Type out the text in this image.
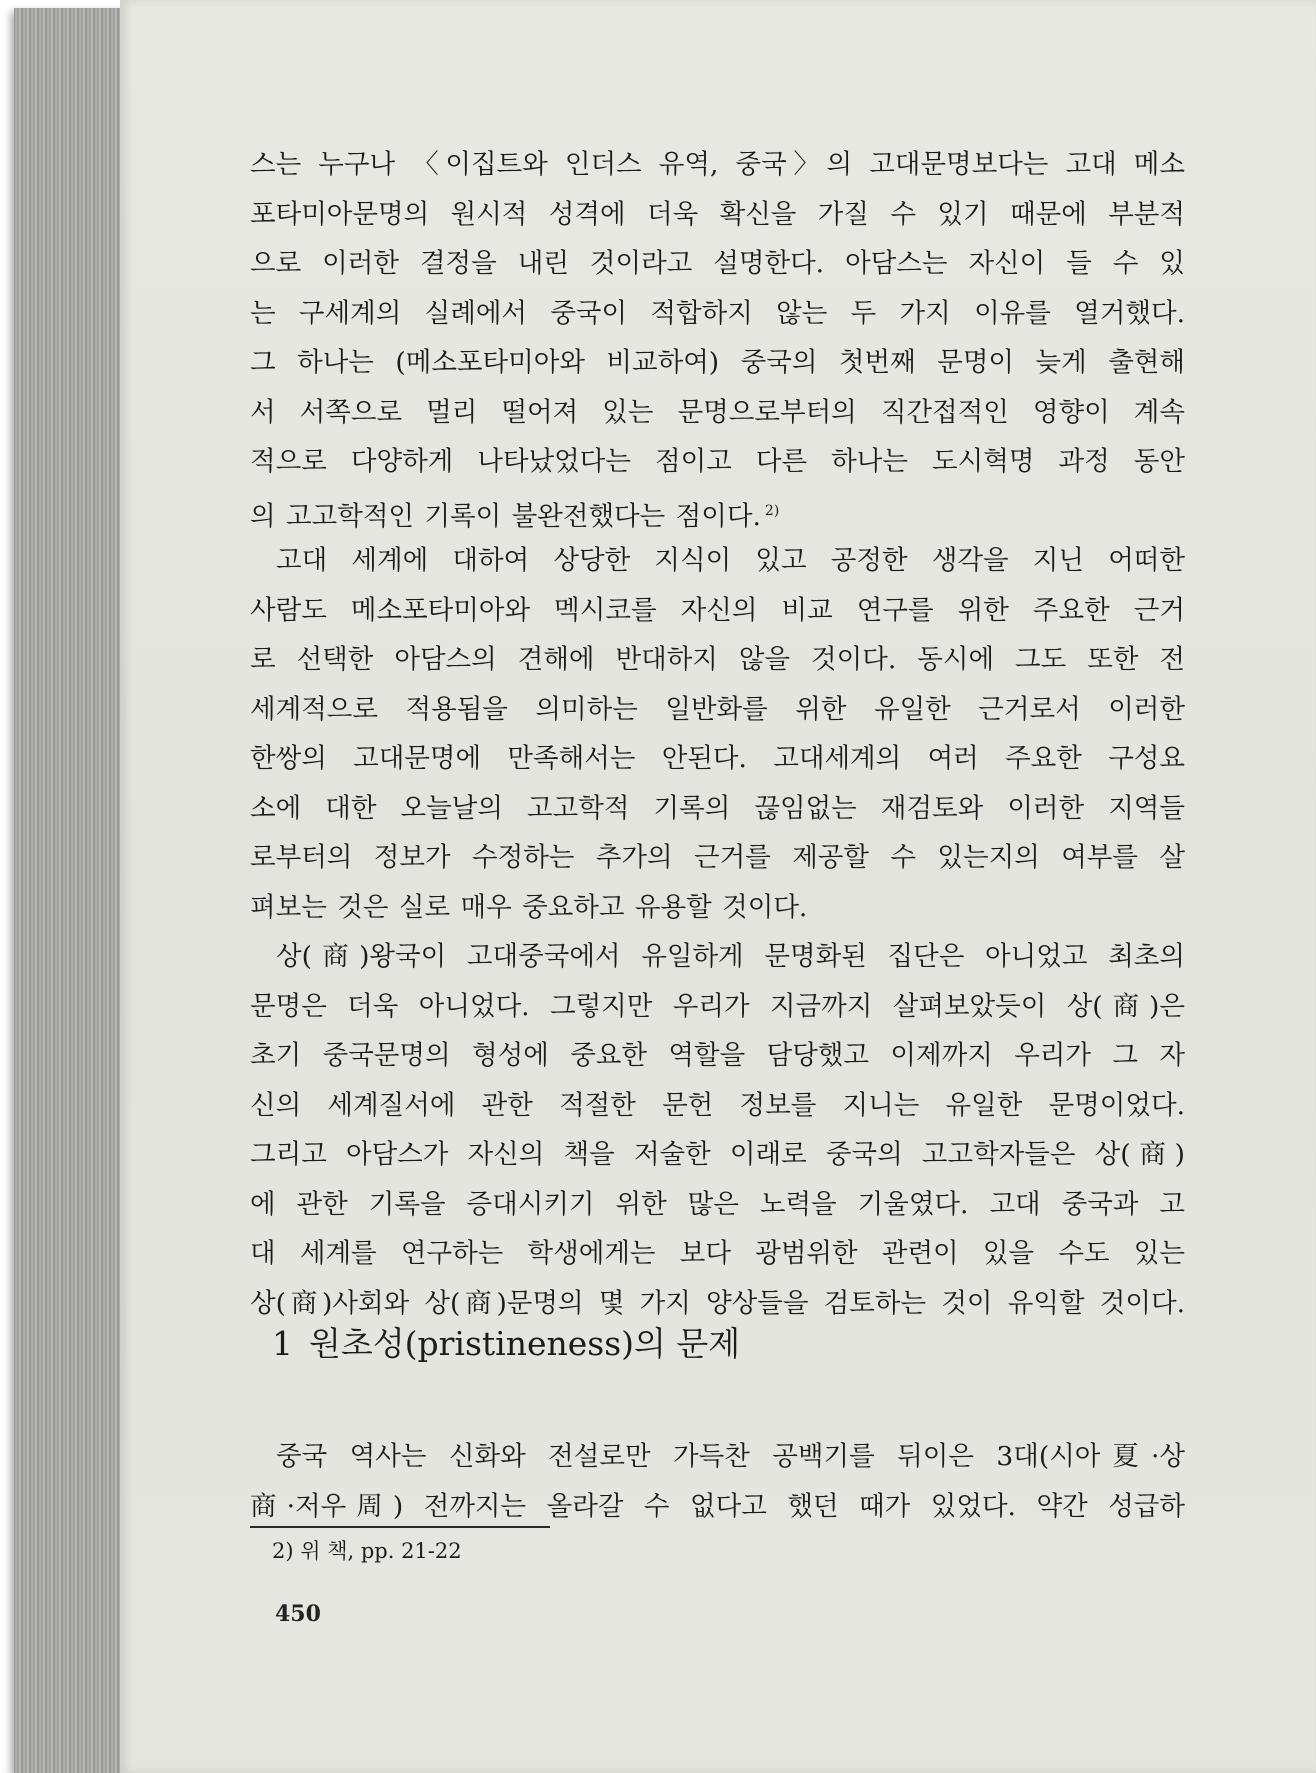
스는 누구나 〈이집트와 인더스 유역, 중국〉의 고대문명보다는 고대 메소
포타미아문명의 원시적 성격에 더욱 확신을 가질 수 있기 때문에 부분적
으로 이러한 결정을 내린 것이라고 설명한다. 아담스는 자신이 들 수 있
는 구세계의 실례에서 중국이 적합하지 않는 두 가지 이유를 열거했다.
그 하나는 (메소포타미아와 비교하여) 중국의 첫번째 문명이 늦게 출현해
서 서쪽으로 멀리 떨어져 있는 문명으로부터의 직간접적인 영향이 계속
적으로 다양하게 나타났었다는 점이고 다른 하나는 도시혁명 과정 동안
의 고고학적인 기록이 불완전했다는 점이다. $^{2)}$
고대 세계에 대하여 상당한 지식이 있고 공정한 생각을 지닌 어떠한
사람도 메소포타미아와 멕시코를 자신의 비교 연구를 위한 주요한 근거
로 선택한 아담스의 견해에 반대하지 않을 것이다. 동시에 그도 또한 전
세계적으로 적용됨을 의미하는 일반화를 위한 유일한 근거로서 이러한
한쌍의 고대문명에 만족해서는 안된다. 고대세계의 여러 주요한 구성요
소에 대한 오늘날의 고고학적 기록의 끊임없는 재검토와 이러한 지역들
로부터의 정보가 수정하는 추가의 근거를 제공할 수 있는지의 여부를 살
펴보는 것은 실로 매우 중요하고 유용할 것이다.
상(商)왕국이 고대중국에서 유일하게 문명화된 집단은 아니었고 최초의
문명은 더욱 아니었다. 그렇지만 우리가 지금까지 살펴보았듯이 상(商)은
초기 중국문명의 형성에 중요한 역할을 담당했고 이제까지 우리가 그 자
신의 세계질서에 관한 적절한 문헌 정보를 지니는 유일한 문명이었다.
그리고 아담스가 자신의 책을 저술한 이래로 중국의 고고학자들은 상(商)
에 관한 기록을 증대시키기 위한 많은 노력을 기울였다. 고대 중국과 고
대 세계를 연구하는 학생에게는 보다 광범위한 관련이 있을 수도 있는
상(商)사회와 상(商)문명의 몇 가지 양상들을 검토하는 것이 유익할 것이다.
1 원초성(pristineness)의 문제
중국 역사는 신화와 전설로만 가득찬 공백기를 뒤이은 3대(시아夏·상
商·저우周) 전까지는 올라갈 수 없다고 했던 때가 있었다. 약간 성급하
2) 위 책, pp. 21-22
450
